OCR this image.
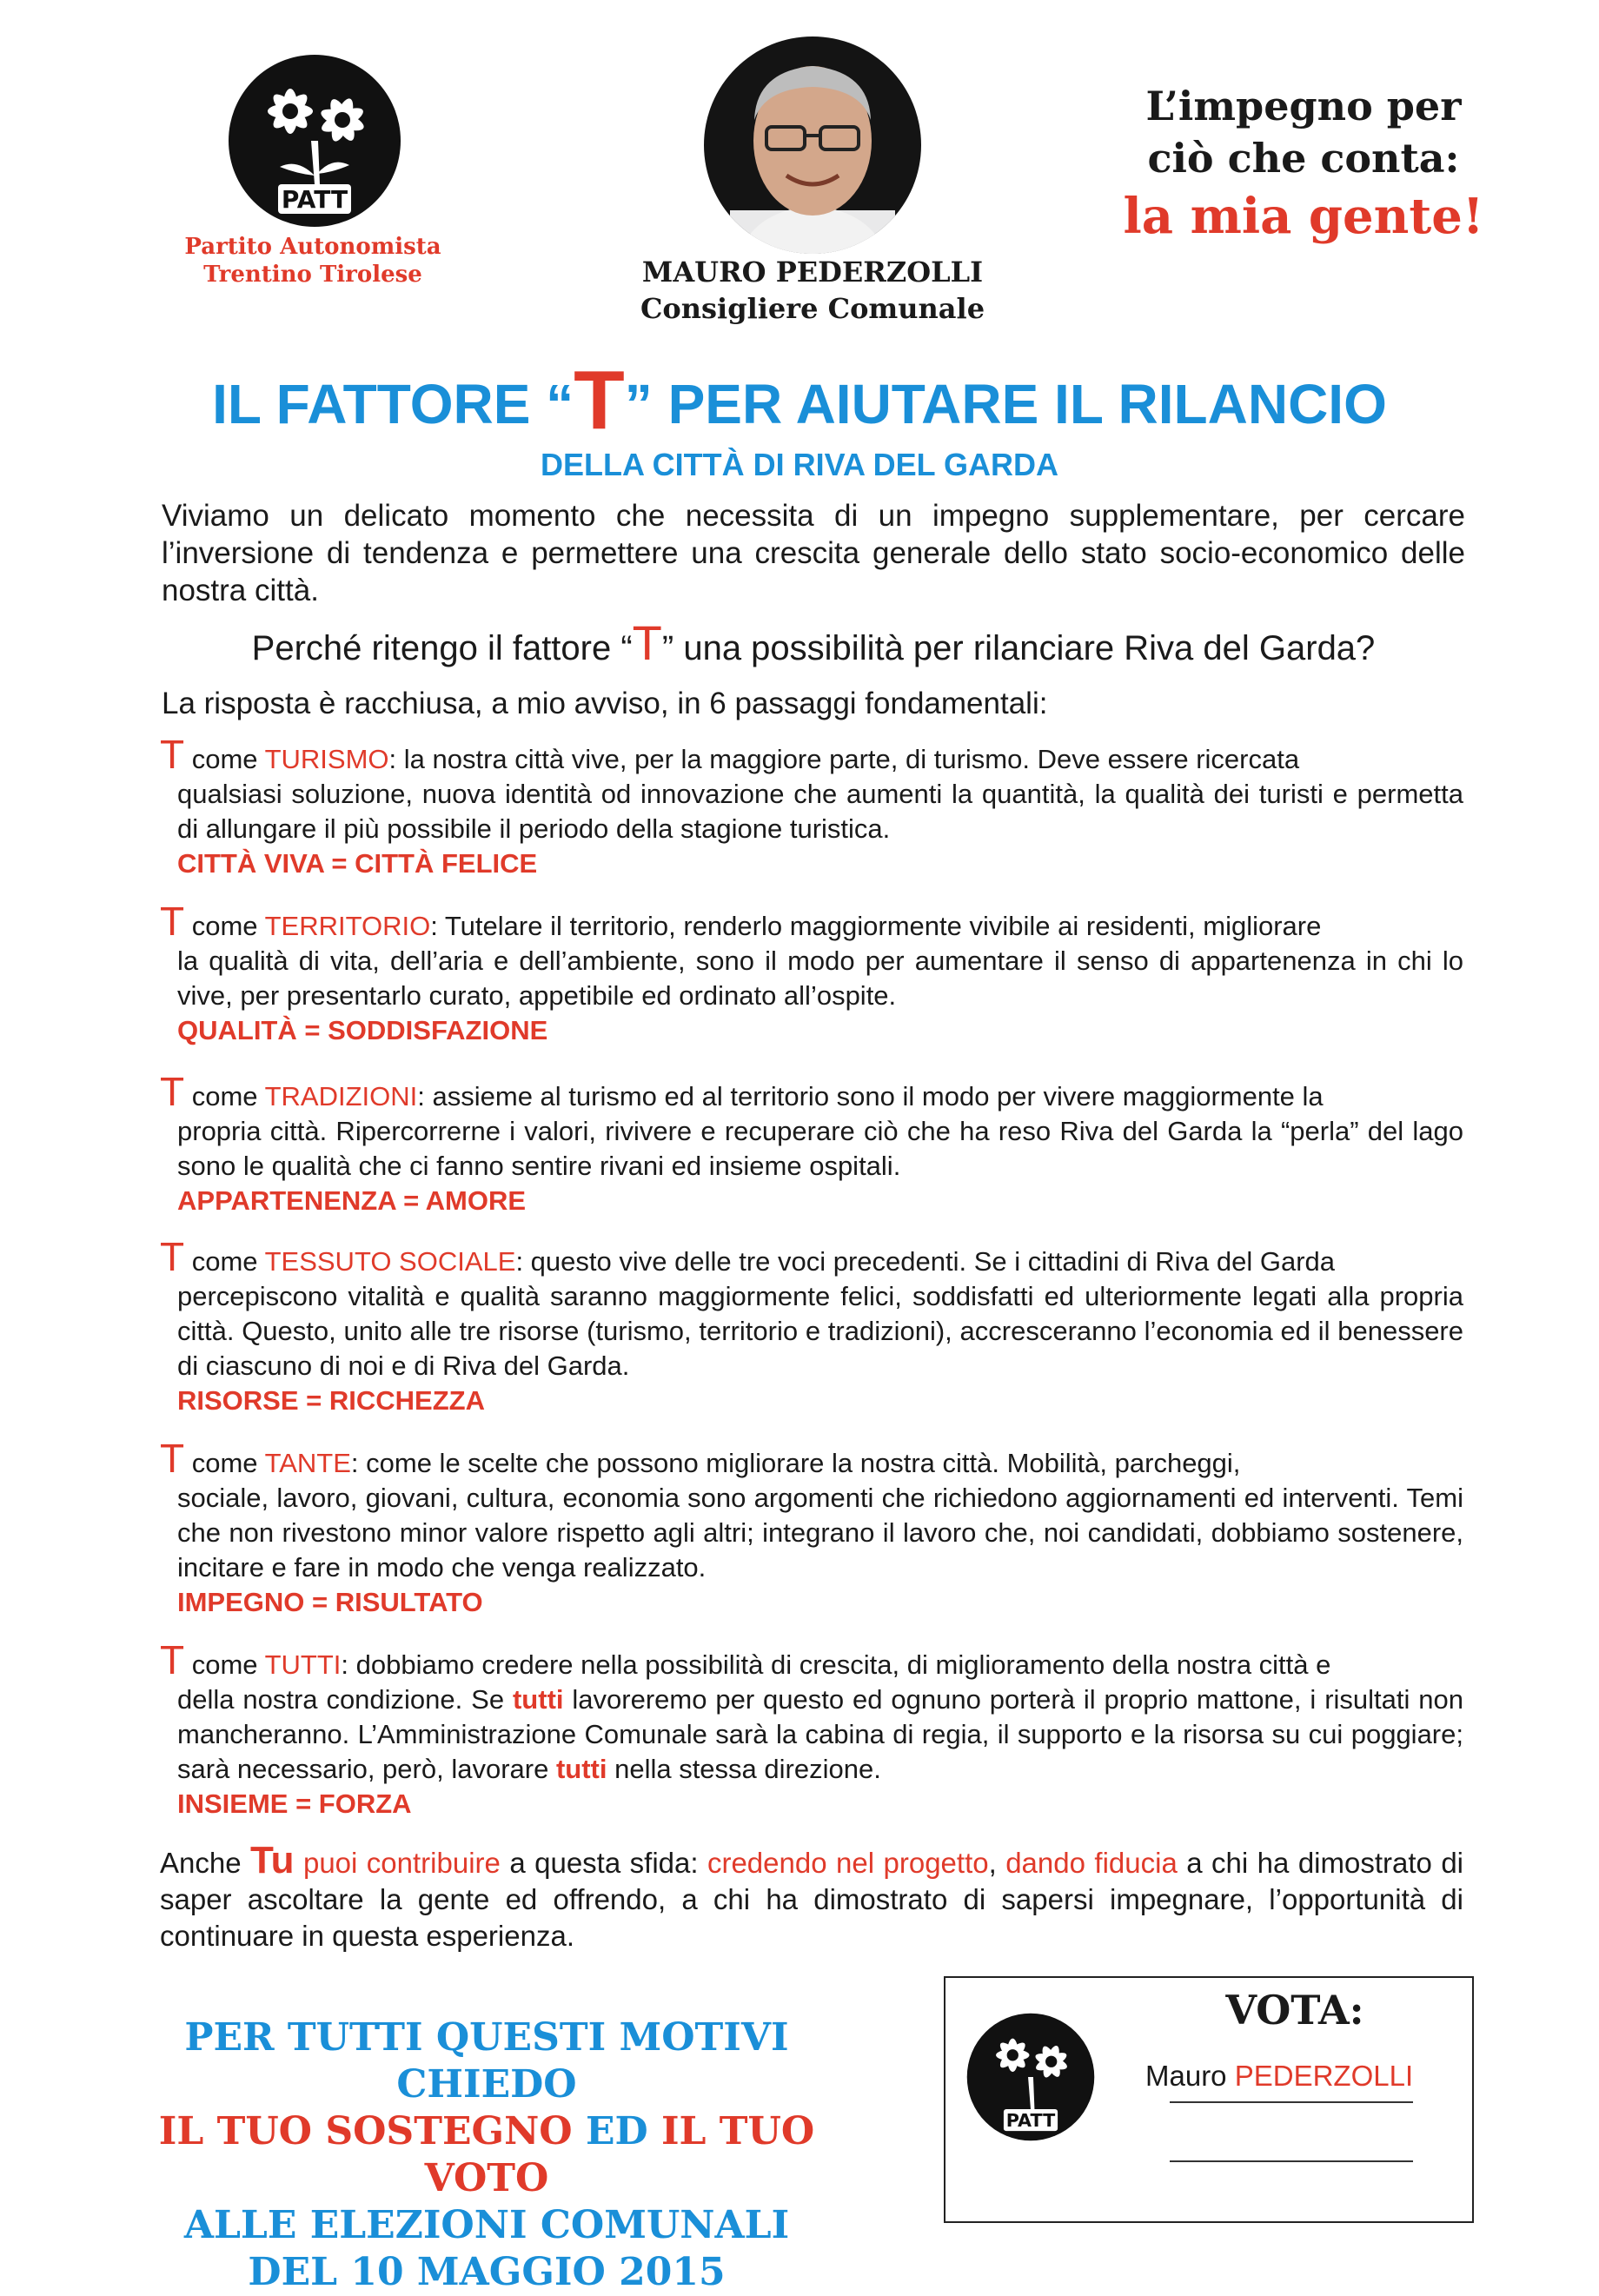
PATT
Partito Autonomista
Trentino Tirolese	MAURO PEDERZOLLI
Consigliere Comunale
L’impegno per
ciò che conta:
la mia gente!
IL FATTORE “T” PER AIUTARE IL RILANCIO
DELLA CITTÀ DI RIVA DEL GARDA
Viviamo un delicato momento che necessita di un impegno supplementare, per cercare l’inversione di tendenza e permettere una crescita generale dello stato socio-economico delle nostra città.
Perché ritengo il fattore “T” una possibilità per rilanciare Riva del Garda?
La risposta è racchiusa, a mio avviso, in 6 passaggi fondamentali:
T come TURISMO: la nostra città vive, per la maggiore parte, di turismo. Deve essere ricercata
qualsiasi soluzione, nuova identità od innovazione che aumenti la quantità, la qualità dei turisti e permetta di allungare il più possibile il periodo della stagione turistica.
CITTÀ VIVA = CITTÀ FELICE
T come TERRITORIO: Tutelare il territorio, renderlo maggiormente vivibile ai residenti, migliorare
la qualità di vita, dell’aria e dell’ambiente, sono il modo per aumentare il senso di appartenenza in chi lo vive, per presentarlo curato, appetibile ed ordinato all’ospite.
QUALITÀ = SODDISFAZIONE
T come TRADIZIONI: assieme al turismo ed al territorio sono il modo per vivere maggiormente la
propria città. Ripercorrerne i valori, rivivere e recuperare ciò che ha reso Riva del Garda la “perla” del lago sono le qualità che ci fanno sentire rivani ed insieme ospitali.
APPARTENENZA = AMORE
T come TESSUTO SOCIALE: questo vive delle tre voci precedenti. Se i cittadini di Riva del Garda
percepiscono vitalità e qualità saranno maggiormente felici, soddisfatti ed ulteriormente legati alla propria città. Questo, unito alle tre risorse (turismo, territorio e tradizioni), accresceranno l’economia ed il benessere di ciascuno di noi e di Riva del Garda.
RISORSE = RICCHEZZA
T come TANTE: come le scelte che possono migliorare la nostra città. Mobilità, parcheggi,
sociale, lavoro, giovani, cultura, economia sono argomenti che richiedono aggiornamenti ed interventi. Temi che non rivestono minor valore rispetto agli altri; integrano il lavoro che, noi candidati, dobbiamo sostenere, incitare e fare in modo che venga realizzato.
IMPEGNO = RISULTATO
T come TUTTI: dobbiamo credere nella possibilità di crescita, di miglioramento della nostra città e
della nostra condizione. Se tutti lavoreremo per questo ed ognuno porterà il proprio mattone, i risultati non mancheranno. L’Amministrazione Comunale sarà la cabina di regia, il supporto e la risorsa su cui poggiare; sarà necessario, però, lavorare tutti nella stessa direzione.
INSIEME = FORZA
Anche Tu puoi contribuire a questa sfida: credendo nel progetto, dando fiducia a chi ha dimostrato di saper ascoltare la gente ed offrendo, a chi ha dimostrato di sapersi impegnare, l’opportunità di continuare in questa esperienza.
PER TUTTI QUESTI MOTIVI CHIEDO
IL TUO SOSTEGNO ED IL TUO VOTO
ALLE ELEZIONI COMUNALI
DEL 10 MAGGIO 2015
VOTA:
PATT
Mauro PEDERZOLLI
